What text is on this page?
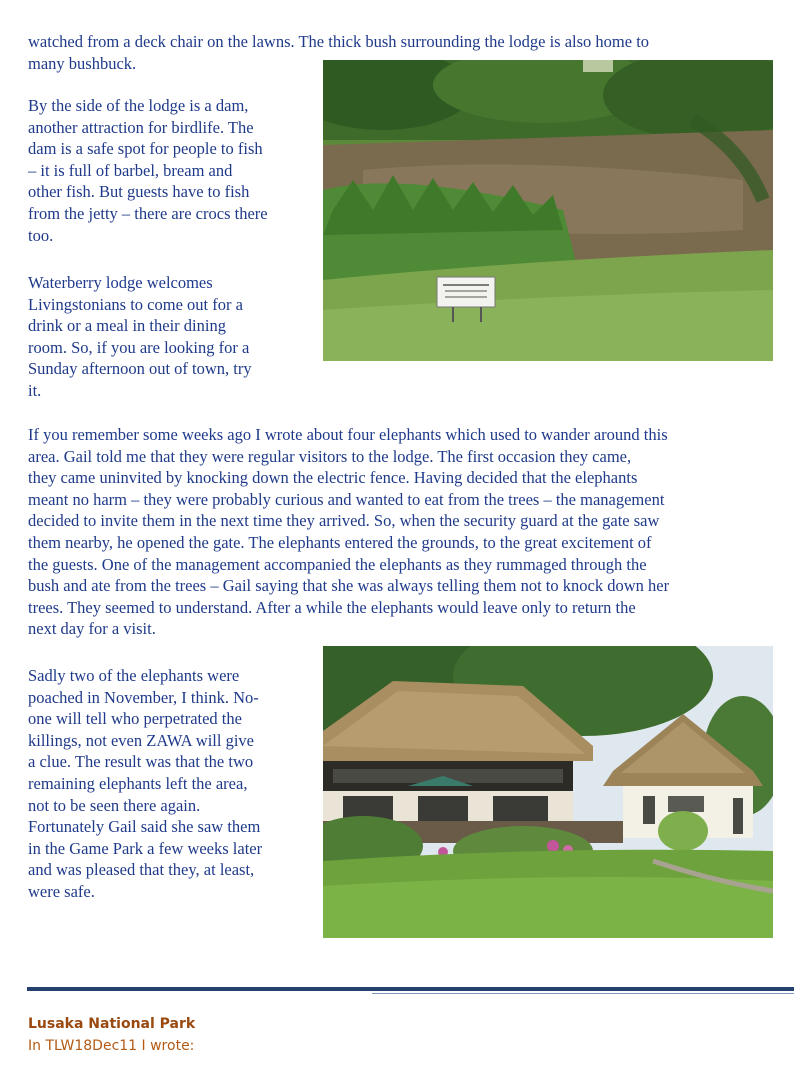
watched from a deck chair on the lawns. The thick bush surrounding the lodge is also home to

many bushbuck.

By the side of the lodge is a dam,

another attraction for birdlife. The

dam is a safe spot for people to fish

– it is full of barbel, bream and

other fish. But guests have to fish

from the jetty – there are crocs there

too.

Waterberry lodge welcomes

Livingstonians to come out for a

drink or a meal in their dining

room. So, if you are looking for a

Sunday afternoon out of town, try

it.

If you remember some weeks ago I wrote about four elephants which used to wander around this

area. Gail told me that they were regular visitors to the lodge. The first occasion they came,

they came uninvited by knocking down the electric fence. Having decided that the elephants

meant no harm – they were probably curious and wanted to eat from the trees – the management

decided to invite them in the next time they arrived. So, when the security guard at the gate saw

them nearby, he opened the gate. The elephants entered the grounds, to the great excitement of

the guests. One of the management accompanied the elephants as they rummaged through the

bush and ate from the trees – Gail saying that she was always telling them not to knock down her

trees. They seemed to understand. After a while the elephants would leave only to return the

next day for a visit.

Sadly two of the elephants were

poached in November, I think. No-

one will tell who perpetrated the

killings, not even ZAWA will give

a clue. The result was that the two

remaining elephants left the area,

not to be seen there again.

Fortunately Gail said she saw them

in the Game Park a few weeks later

and was pleased that they, at least,

were safe.

Lusaka National Park
In TLW18Dec11 I wrote:
